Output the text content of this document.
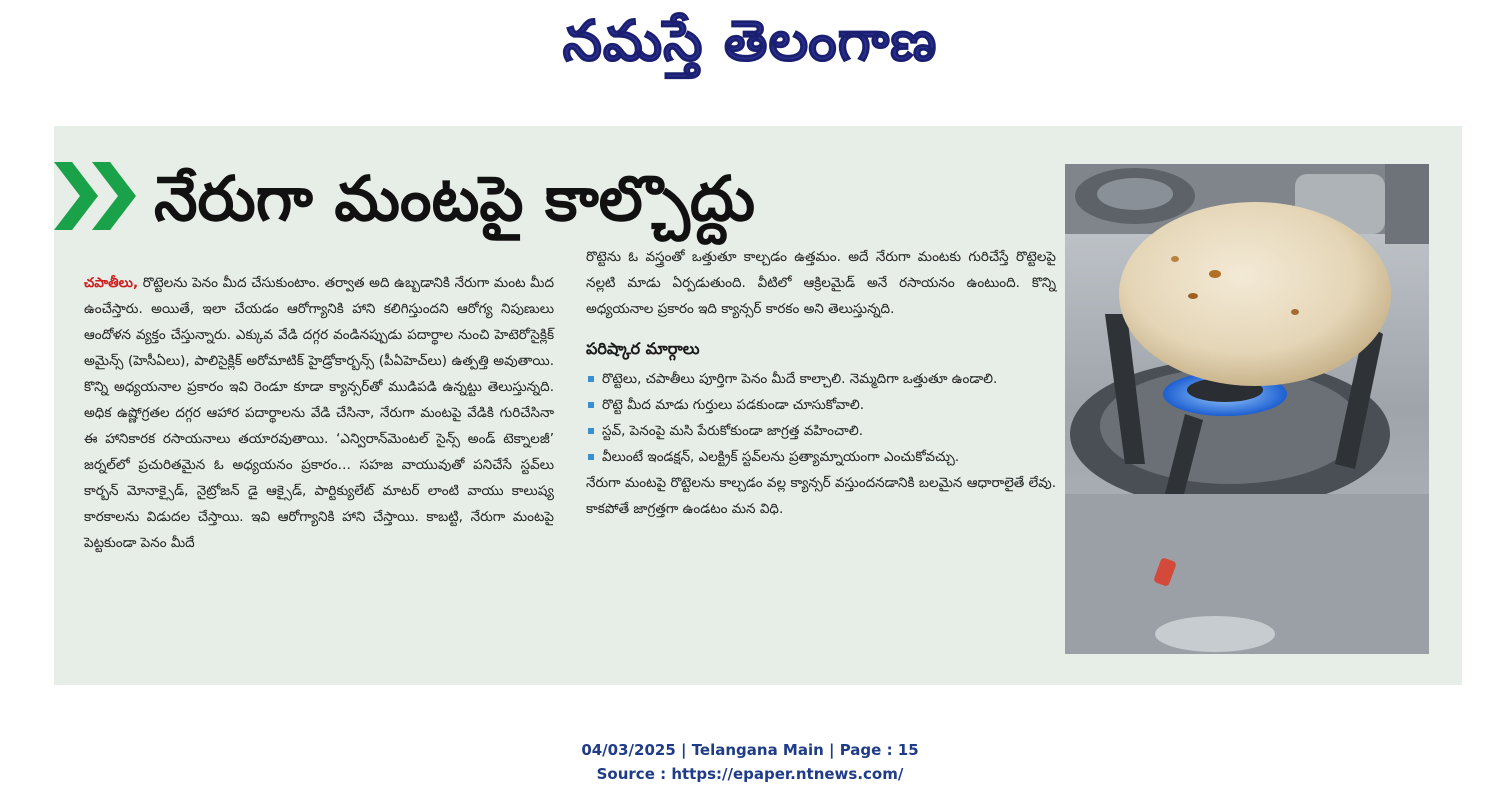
నమస్తే తెలంగాణ
నేరుగా మంటపై కాల్చొద్దు

చపాతీలు, రొట్టెలను పెనం మీద చేసుకుంటాం. తర్వాత అది ఉబ్బడానికి నేరుగా మంట మీద ఉంచేస్తారు. అయితే, ఇలా చేయడం ఆరోగ్యానికి హాని కలిగిస్తుందని ఆరోగ్య నిపుణులు ఆందోళన వ్యక్తం చేస్తున్నారు. ఎక్కువ వేడి దగ్గర వండినప్పుడు పదార్థాల నుంచి హెటెరోసైక్లిక్ అమైన్స్ (హెసీఏలు), పాలిసైక్లిక్ అరోమాటిక్ హైడ్రోకార్బన్స్ (పీఏహెచ్‌లు) ఉత్పత్తి అవుతాయి. కొన్ని అధ్యయనాల ప్రకారం ఇవి రెండూ కూడా క్యాన్సర్‌తో ముడిపడి ఉన్నట్టు తెలుస్తున్నది. అధిక ఉష్ణోగ్రతల దగ్గర ఆహార పదార్థాలను వేడి చేసినా, నేరుగా మంటపై వేడికి గురిచేసినా ఈ హానికారక రసాయనాలు తయారవుతాయి. ‘ఎన్విరాన్‌మెంటల్ సైన్స్ అండ్ టెక్నాలజీ’ జర్నల్‌లో ప్రచురితమైన ఓ అధ్యయనం ప్రకారం… సహజ వాయువుతో పనిచేసే స్టవ్‌లు కార్బన్ మోనాక్సైడ్, నైట్రోజన్ డై ఆక్సైడ్, పార్టిక్యులేట్ మాటర్ లాంటి వాయు కాలుష్య కారకాలను విడుదల చేస్తాయి. ఇవి ఆరోగ్యానికి హాని చేస్తాయి. కాబట్టి, నేరుగా మంటపై పెట్టకుండా పెనం మీదే

రొట్టెను ఓ వస్త్రంతో ఒత్తుతూ కాల్చడం ఉత్తమం. అదే నేరుగా మంటకు గురిచేస్తే రొట్టెలపై నల్లటి మాడు ఏర్పడుతుంది. వీటిలో ఆక్రిలమైడ్ అనే రసాయనం ఉంటుంది. కొన్ని అధ్యయనాల ప్రకారం ఇది క్యాన్సర్ కారకం అని తెలుస్తున్నది.

పరిష్కార మార్గాలు
రొట్టెలు, చపాతీలు పూర్తిగా పెనం మీదే కాల్చాలి. నెమ్మదిగా ఒత్తుతూ ఉండాలి.
రొట్టె మీద మాడు గుర్తులు పడకుండా చూసుకోవాలి.
స్టవ్, పెనంపై మసి పేరుకోకుండా జాగ్రత్త వహించాలి.
వీలుంటే ఇండక్షన్, ఎలక్ట్రిక్ స్టవ్‌లను ప్రత్యామ్నాయంగా ఎంచుకోవచ్చు.

నేరుగా మంటపై రొట్టెలను కాల్చడం వల్ల క్యాన్సర్ వస్తుందనడానికి బలమైన ఆధారాలైతే లేవు. కాకపోతే జాగ్రత్తగా ఉండటం మన విధి.

04/03/2025 | Telangana Main | Page : 15
Source : https://epaper.ntnews.com/
